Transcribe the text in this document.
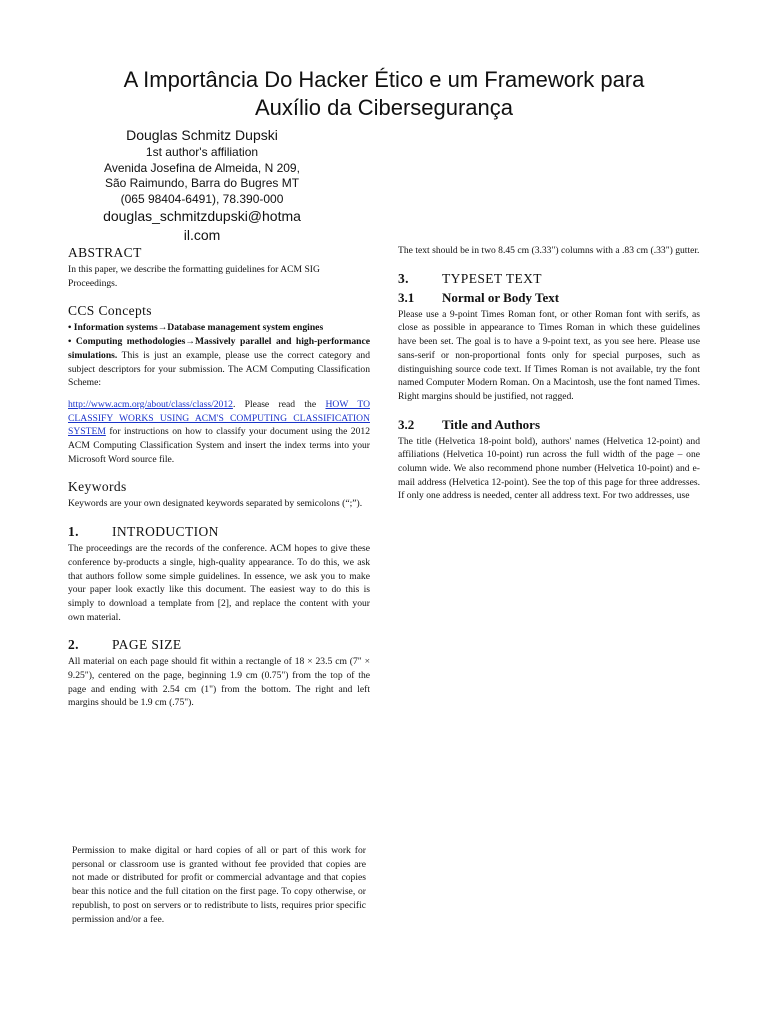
A Importância Do Hacker Ético e um Framework para
Auxílio da Cibersegurança
Douglas Schmitz Dupski
1st author's affiliation
Avenida Josefina de Almeida, N 209,
São Raimundo, Barra do Bugres MT
(065 98404-6491), 78.390-000
douglas_schmitzdupski@hotma
il.com
ABSTRACT

In this paper, we describe the formatting guidelines for ACM SIG Proceedings.

CCS Concepts

• Information systems→Database management system engines

• Computing methodologies→Massively parallel and high-performance simulations. This is just an example, please use the correct category and subject descriptors for your submission. The ACM Computing Classification Scheme:

http://www.acm.org/about/class/class/2012. Please read the HOW TO CLASSIFY WORKS USING ACM'S COMPUTING CLASSIFICATION SYSTEM for instructions on how to classify your document using the 2012 ACM Computing Classification System and insert the index terms into your Microsoft Word source file.

Keywords

Keywords are your own designated keywords separated by semicolons (“;”).

1. INTRODUCTION

The proceedings are the records of the conference. ACM hopes to give these conference by-products a single, high-quality appearance. To do this, we ask that authors follow some simple guidelines. In essence, we ask you to make your paper look exactly like this document. The easiest way to do this is simply to download a template from [2], and replace the content with your own material.

2. PAGE SIZE

All material on each page should fit within a rectangle of 18 × 23.5 cm (7" × 9.25"), centered on the page, beginning 1.9 cm (0.75") from the top of the page and ending with 2.54 cm (1") from the bottom. The right and left margins should be 1.9 cm (.75").

Permission to make digital or hard copies of all or part of this work for personal or classroom use is granted without fee provided that copies are not made or distributed for profit or commercial advantage and that copies bear this notice and the full citation on the first page. To copy otherwise, or republish, to post on servers or to redistribute to lists, requires prior specific permission and/or a fee.

The text should be in two 8.45 cm (3.33") columns with a .83 cm (.33") gutter.

3. TYPESET TEXT
3.1 Normal or Body Text

Please use a 9-point Times Roman font, or other Roman font with serifs, as close as possible in appearance to Times Roman in which these guidelines have been set. The goal is to have a 9-point text, as you see here. Please use sans-serif or non-proportional fonts only for special purposes, such as distinguishing source code text. If Times Roman is not available, try the font named Computer Modern Roman. On a Macintosh, use the font named Times. Right margins should be justified, not ragged.

3.2 Title and Authors

The title (Helvetica 18-point bold), authors' names (Helvetica 12-point) and affiliations (Helvetica 10-point) run across the full width of the page – one column wide. We also recommend phone number (Helvetica 10-point) and e-mail address (Helvetica 12-point). See the top of this page for three addresses. If only one address is needed, center all address text. For two addresses, use
